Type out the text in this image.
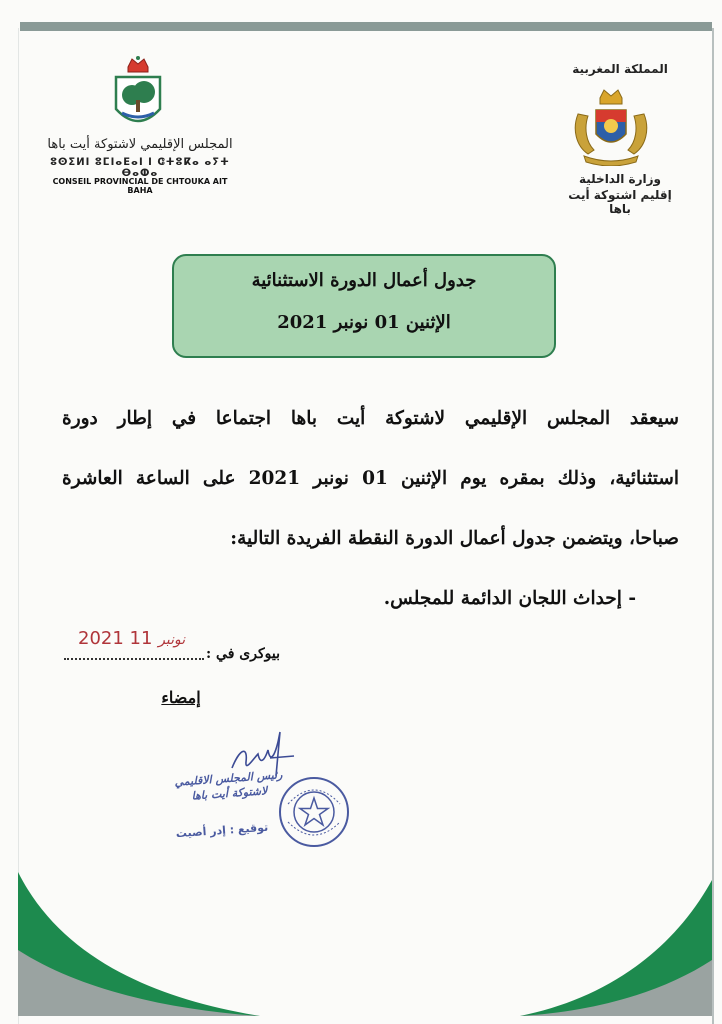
المملكة المغربية
وزارة الداخلية
إقليم اشتوكة أيت باها
المجلس الإقليمي لاشتوكة أيت باها
ⵓⵙⵉⵍⵏ ⵓⵎⵏⴰⴹⴰⵏ ⵏ ⵛⵜⵓⴽⴰ ⴰⵢⵜ ⴱⴰⵀⴰ
CONSEIL PROVINCIAL DE CHTOUKA AIT BAHA
جدول أعمال الدورة الاستثنائية
الإثنين 01 نونبر 2021
سيعقد المجلس الإقليمي لاشتوكة أيت باها اجتماعا في إطار دورة
استثنائية، وذلك بمقره يوم الإثنين 01 نونبر 2021 على الساعة العاشرة
صباحا، ويتضمن جدول أعمال الدورة النقطة الفريدة التالية:
- إحداث اللجان الدائمة للمجلس.
2021 نونبر 11
بيوكرى في :
إمضاء
رئيس المجلس الاقليمي
لاشتوكة أيت باها
توقيع : إدر أصيت
